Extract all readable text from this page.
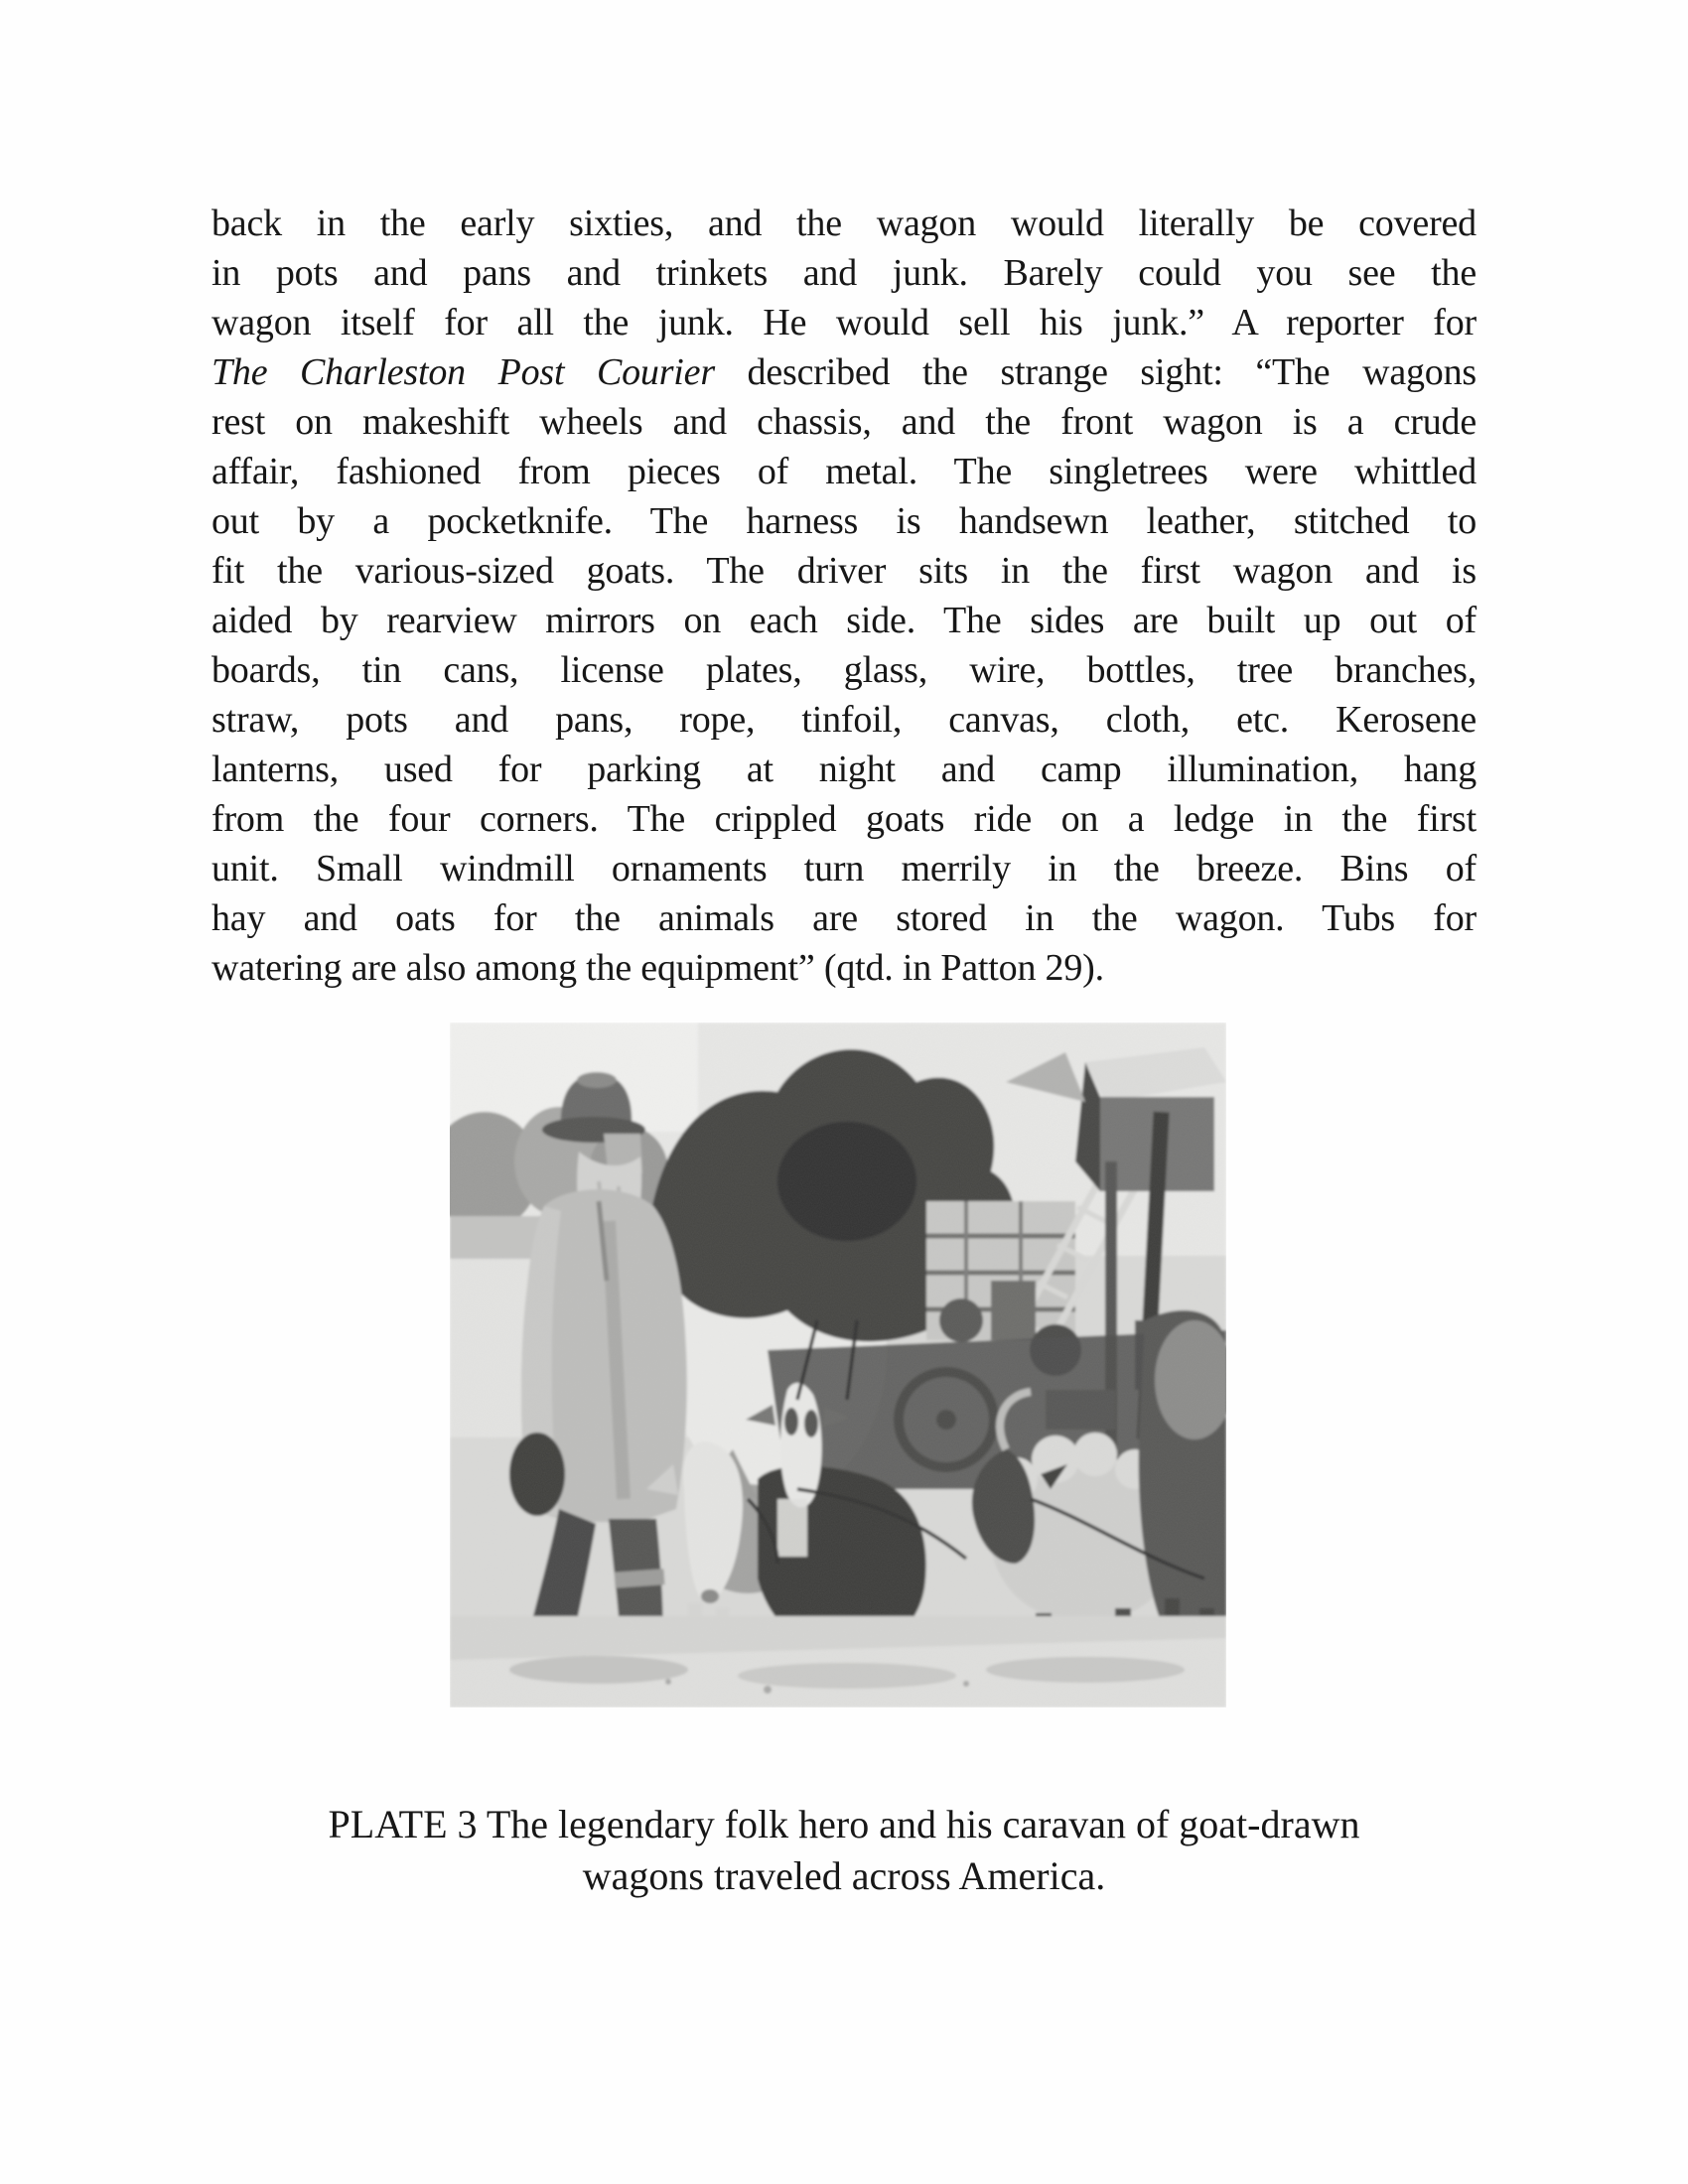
back in the early sixties, and the wagon would literally be covered
in pots and pans and trinkets and junk. Barely could you see the
wagon itself for all the junk. He would sell his junk.” A reporter for
The Charleston Post Courier described the strange sight: “The wagons
rest on makeshift wheels and chassis, and the front wagon is a crude
affair, fashioned from pieces of metal. The singletrees were whittled
out by a pocketknife. The harness is handsewn leather, stitched to
fit the various-sized goats. The driver sits in the first wagon and is
aided by rearview mirrors on each side. The sides are built up out of
boards, tin cans, license plates, glass, wire, bottles, tree branches,
straw, pots and pans, rope, tinfoil, canvas, cloth, etc. Kerosene
lanterns, used for parking at night and camp illumination, hang
from the four corners. The crippled goats ride on a ledge in the first
unit. Small windmill ornaments turn merrily in the breeze. Bins of
hay and oats for the animals are stored in the wagon. Tubs for
watering are also among the equipment” (qtd. in Patton 29).
PLATE 3 The legendary folk hero and his caravan of goat-drawn
wagons traveled across America.
